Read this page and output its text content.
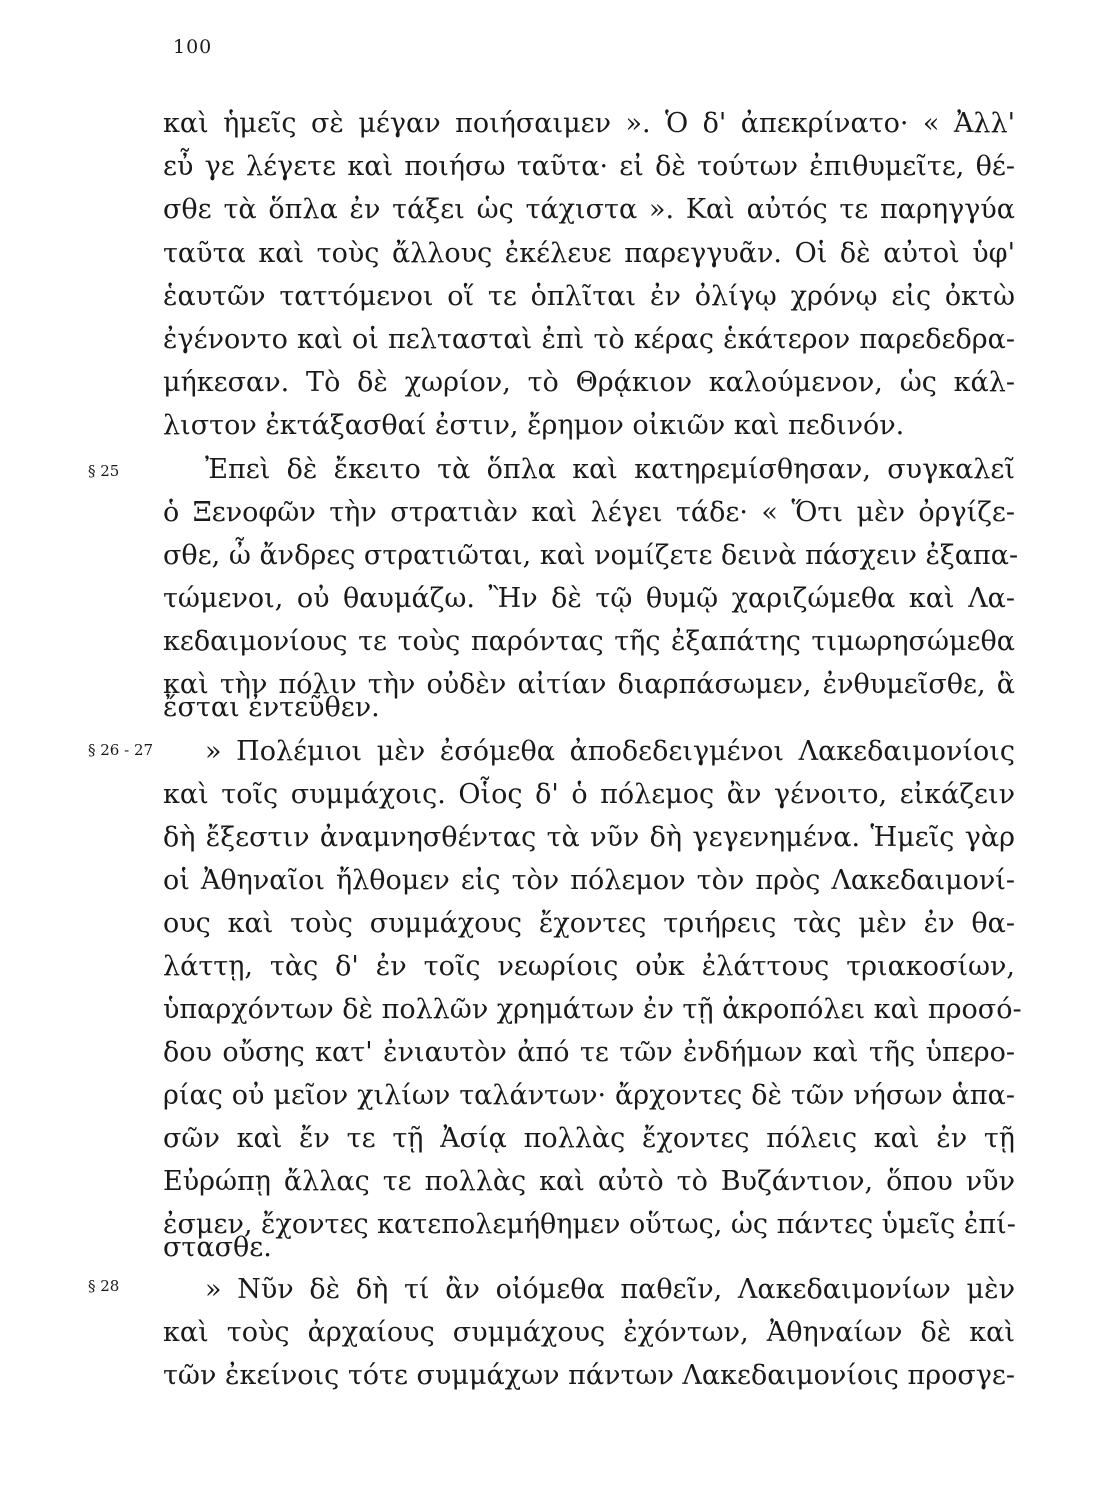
100
§ 25
§ 26 - 27
§ 28
καὶ ἡμεῖς σὲ μέγαν ποιήσαιμεν ». Ὁ δ' ἀπεκρίνατο· « Ἀλλ'
εὖ γε λέγετε καὶ ποιήσω ταῦτα· εἰ δὲ τούτων ἐπιθυμεῖτε, θέ-
σθε τὰ ὅπλα ἐν τάξει ὡς τάχιστα ». Καὶ αὐτός τε παρηγγύα
ταῦτα καὶ τοὺς ἄλλους ἐκέλευε παρεγγυᾶν. Οἱ δὲ αὐτοὶ ὑφ'
ἑαυτῶν ταττόμενοι οἵ τε ὁπλῖται ἐν ὀλίγῳ χρόνῳ εἰς ὀκτὼ
ἐγένοντο καὶ οἱ πελτασταὶ ἐπὶ τὸ κέρας ἑκάτερον παρεδεδρα-
μήκεσαν. Τὸ δὲ χωρίον, τὸ Θρᾴκιον καλούμενον, ὡς κάλ-
λιστον ἐκτάξασθαί ἐστιν, ἔρημον οἰκιῶν καὶ πεδινόν.
Ἐπεὶ δὲ ἔκειτο τὰ ὅπλα καὶ κατηρεμίσθησαν, συγκαλεῖ
ὁ Ξενοφῶν τὴν στρατιὰν καὶ λέγει τάδε· « Ὅτι μὲν ὀργίζε-
σθε, ὦ ἄνδρες στρατιῶται, καὶ νομίζετε δεινὰ πάσχειν ἐξαπα-
τώμενοι, οὐ θαυμάζω. Ἢν δὲ τῷ θυμῷ χαριζώμεθα καὶ Λα-
κεδαιμονίους τε τοὺς παρόντας τῆς ἐξαπάτης τιμωρησώμεθα
καὶ τὴν πόλιν τὴν οὐδὲν αἰτίαν διαρπάσωμεν, ἐνθυμεῖσθε, ἃ
ἔσται ἐντεῦθεν.
» Πολέμιοι μὲν ἐσόμεθα ἀποδεδειγμένοι Λακεδαιμονίοις
καὶ τοῖς συμμάχοις. Οἷος δ' ὁ πόλεμος ἂν γένοιτο, εἰκάζειν
δὴ ἔξεστιν ἀναμνησθέντας τὰ νῦν δὴ γεγενημένα. Ἡμεῖς γὰρ
οἱ Ἀθηναῖοι ἤλθομεν εἰς τὸν πόλεμον τὸν πρὸς Λακεδαιμονί-
ους καὶ τοὺς συμμάχους ἔχοντες τριήρεις τὰς μὲν ἐν θα-
λάττῃ, τὰς δ' ἐν τοῖς νεωρίοις οὐκ ἐλάττους τριακοσίων,
ὑπαρχόντων δὲ πολλῶν χρημάτων ἐν τῇ ἀκροπόλει καὶ προσό-
δου οὔσης κατ' ἐνιαυτὸν ἀπό τε τῶν ἐνδήμων καὶ τῆς ὑπερο-
ρίας οὐ μεῖον χιλίων ταλάντων· ἄρχοντες δὲ τῶν νήσων ἁπα-
σῶν καὶ ἔν τε τῇ Ἀσίᾳ πολλὰς ἔχοντες πόλεις καὶ ἐν τῇ
Εὐρώπῃ ἄλλας τε πολλὰς καὶ αὐτὸ τὸ Βυζάντιον, ὅπου νῦν
ἐσμεν, ἔχοντες κατεπολεμήθημεν οὕτως, ὡς πάντες ὑμεῖς ἐπί-
στασθε.
» Νῦν δὲ δὴ τί ἂν οἰόμεθα παθεῖν, Λακεδαιμονίων μὲν
καὶ τοὺς ἀρχαίους συμμάχους ἐχόντων, Ἀθηναίων δὲ καὶ
τῶν ἐκείνοις τότε συμμάχων πάντων Λακεδαιμονίοις προσγε-
